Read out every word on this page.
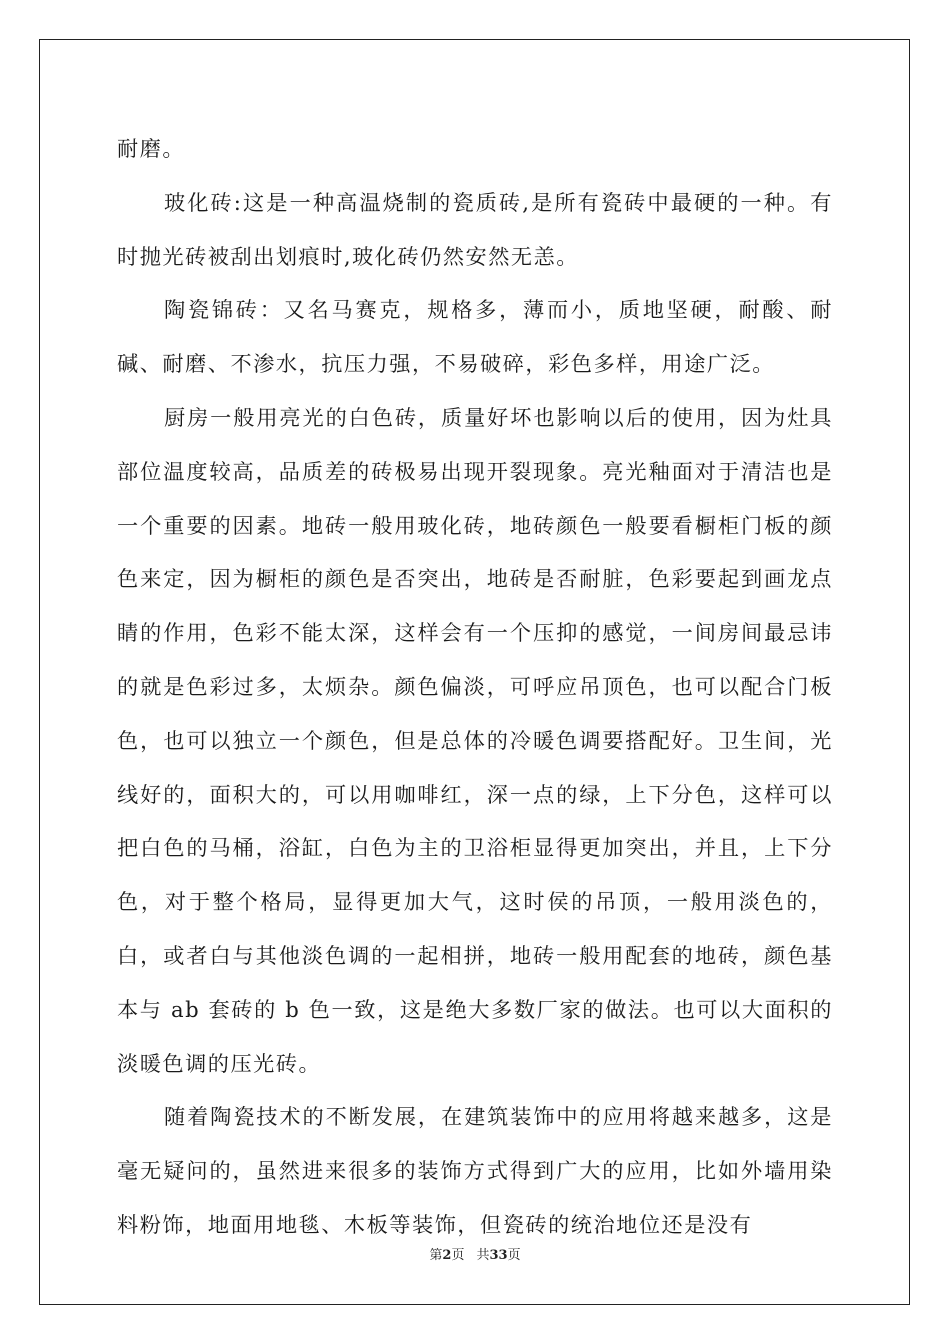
耐磨。

玻化砖:这是一种高温烧制的瓷质砖,是所有瓷砖中最硬的一种。有时抛光砖被刮出划痕时,玻化砖仍然安然无恙。

陶瓷锦砖：又名马赛克，规格多，薄而小，质地坚硬，耐酸、耐碱、耐磨、不渗水，抗压力强，不易破碎，彩色多样，用途广泛。

厨房一般用亮光的白色砖，质量好坏也影响以后的使用，因为灶具部位温度较高，品质差的砖极易出现开裂现象。亮光釉面对于清洁也是一个重要的因素。地砖一般用玻化砖，地砖颜色一般要看橱柜门板的颜色来定，因为橱柜的颜色是否突出，地砖是否耐脏，色彩要起到画龙点睛的作用，色彩不能太深，这样会有一个压抑的感觉，一间房间最忌讳的就是色彩过多，太烦杂。颜色偏淡，可呼应吊顶色，也可以配合门板色，也可以独立一个颜色，但是总体的冷暖色调要搭配好。卫生间，光线好的，面积大的，可以用咖啡红，深一点的绿，上下分色，这样可以把白色的马桶，浴缸，白色为主的卫浴柜显得更加突出，并且，上下分色，对于整个格局，显得更加大气，这时侯的吊顶，一般用淡色的，白，或者白与其他淡色调的一起相拼，地砖一般用配套的地砖，颜色基本与 ab 套砖的 b 色一致，这是绝大多数厂家的做法。也可以大面积的淡暖色调的压光砖。

随着陶瓷技术的不断发展，在建筑装饰中的应用将越来越多，这是毫无疑问的，虽然进来很多的装饰方式得到广大的应用，比如外墙用染料粉饰，地面用地毯、木板等装饰，但瓷砖的统治地位还是没有

第2页 共33页
